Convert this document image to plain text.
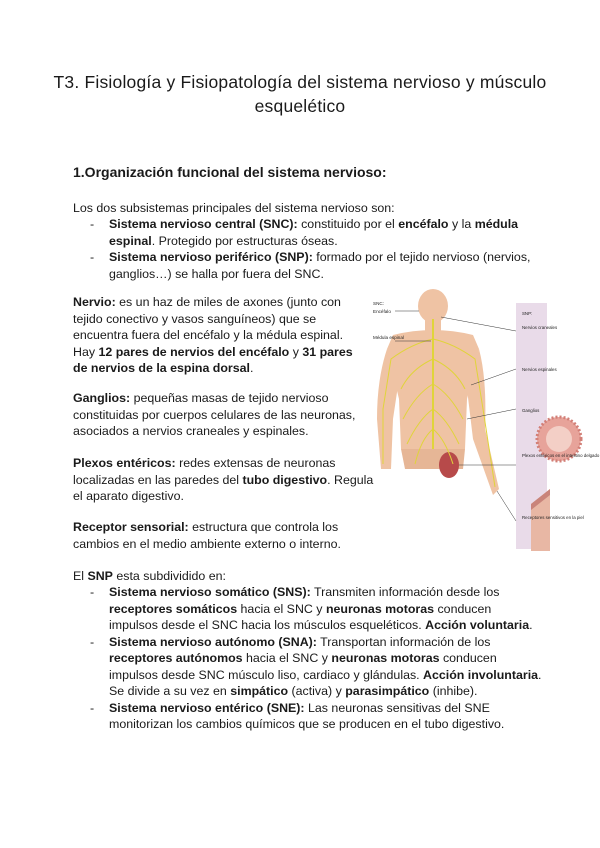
T3. Fisiología y Fisiopatología del sistema nervioso y músculo esquelético
1.Organización funcional del sistema nervioso:
Los dos subsistemas principales del sistema nervioso son:
- Sistema nervioso central (SNC): constituido por el encéfalo y la médula espinal. Protegido por estructuras óseas.
- Sistema nervioso periférico (SNP): formado por el tejido nervioso (nervios, ganglios…) se halla por fuera del SNC.
Nervio: es un haz de miles de axones (junto con tejido conectivo y vasos sanguíneos) que se encuentra fuera del encéfalo y la médula espinal. Hay 12 pares de nervios del encéfalo y 31 pares de nervios de la espina dorsal.
Ganglios: pequeñas masas de tejido nervioso constituidas por cuerpos celulares de las neuronas, asociados a nervios craneales y espinales.
Plexos entéricos: redes extensas de neuronas localizadas en las paredes del tubo digestivo. Regula el aparato digestivo.
Receptor sensorial: estructura que controla los cambios en el medio ambiente externo o interno.
SNC:
Encéfalo
Médula espinal
SNP:
Nervios craneales
Nervios espinales
Ganglios
Plexos entéricos en el intestino delgado
Receptores sensitivos en la piel
El SNP esta subdividido en:
- Sistema nervioso somático (SNS): Transmiten información desde los receptores somáticos hacia el SNC y neuronas motoras conducen impulsos desde el SNC hacia los músculos esqueléticos. Acción voluntaria.
- Sistema nervioso autónomo (SNA): Transportan información de los receptores autónomos hacia el SNC y neuronas motoras conducen impulsos desde SNC músculo liso, cardiaco y glándulas. Acción involuntaria. Se divide a su vez en simpático (activa) y parasimpático (inhibe).
- Sistema nervioso entérico (SNE): Las neuronas sensitivas del SNE monitorizan los cambios químicos que se producen en el tubo digestivo.
